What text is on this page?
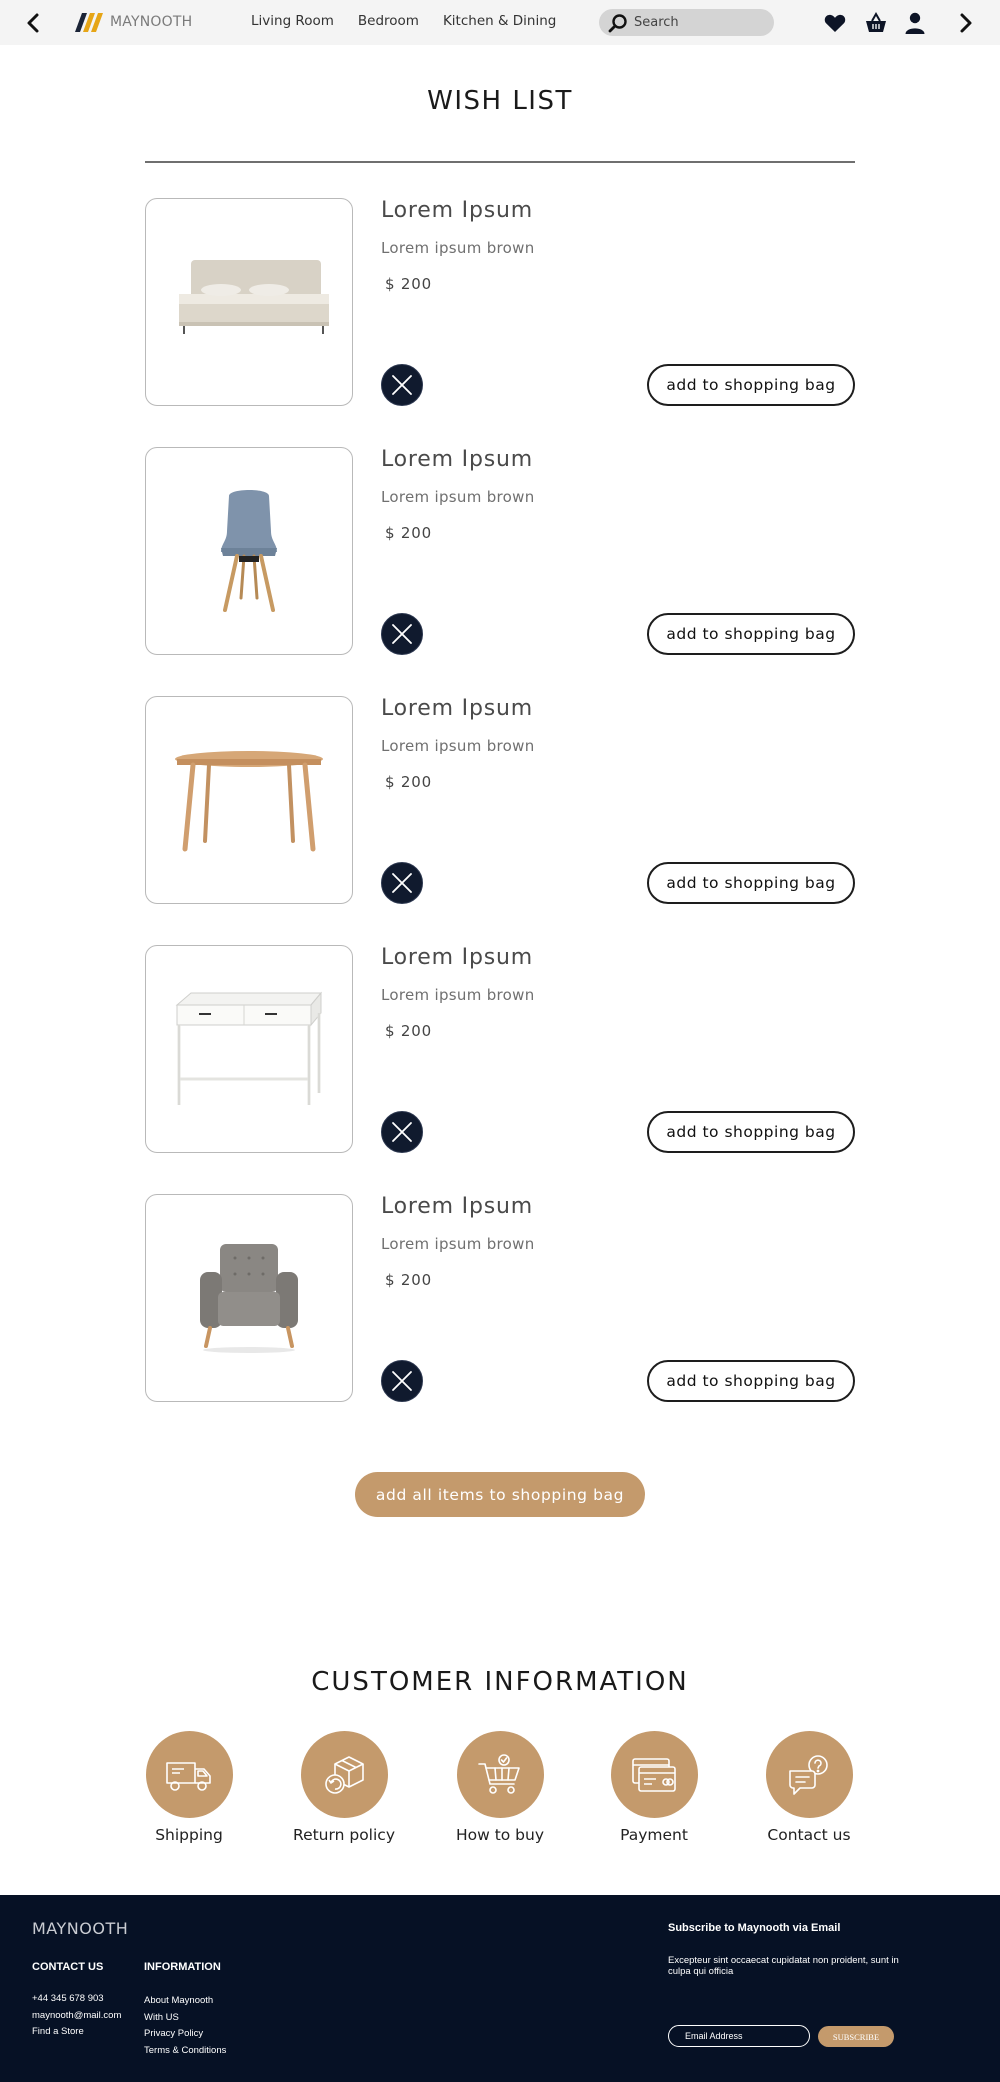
MAYNOOTH	Living Room Bedroom Kitchen & Dining
Search
WISH LIST
Lorem Ipsum
Lorem ipsum brown
$ 200
add to shopping bag
Lorem Ipsum
Lorem ipsum brown
$ 200
add to shopping bag
Lorem Ipsum
Lorem ipsum brown
$ 200
add to shopping bag
Lorem Ipsum
Lorem ipsum brown
$ 200
add to shopping bag
Lorem Ipsum
Lorem ipsum brown
$ 200
add to shopping bag
add all items to shopping bag
CUSTOMER INFORMATION
Shipping	Return policy	How to buy	Payment	Contact us
MAYNOOTH
CONTACT US
+44 345 678 903
maynooth@mail.com
Find a Store
INFORMATION
About Maynooth
With US
Privacy Policy
Terms & Conditions
Subscribe to Maynooth via Email
Excepteur sint occaecat cupidatat non proident, sunt in culpa qui officia
Email Address
SUBSCRIBE
